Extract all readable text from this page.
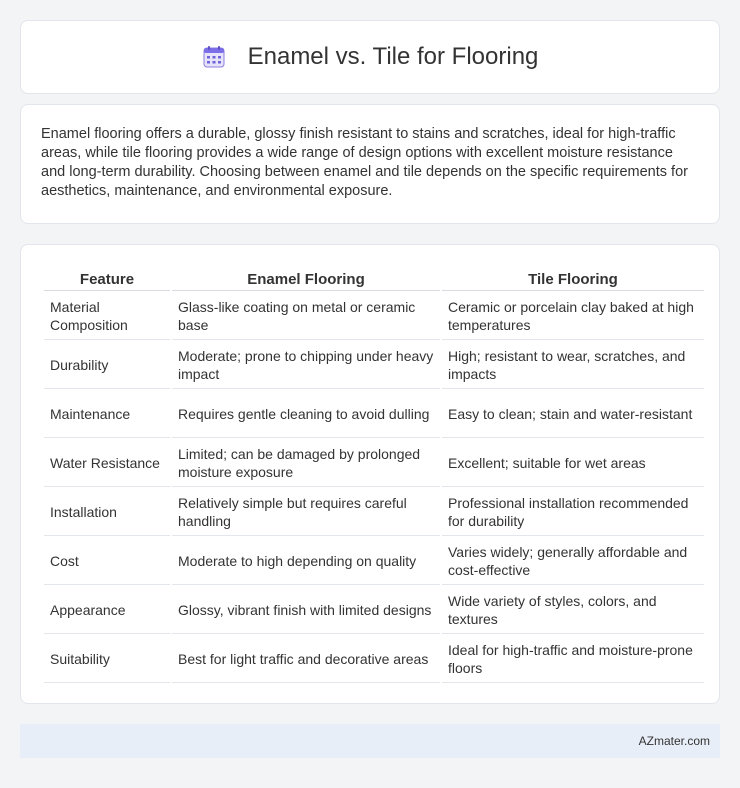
Enamel vs. Tile for Flooring

Enamel flooring offers a durable, glossy finish resistant to stains and scratches, ideal for high-traffic areas, while tile flooring provides a wide range of design options with excellent moisture resistance and long-term durability. Choosing between enamel and tile depends on the specific requirements for aesthetics, maintenance, and environmental exposure.

Feature	Enamel Flooring	Tile Flooring
Material Composition	Glass-like coating on metal or ceramic base	Ceramic or porcelain clay baked at high temperatures
Durability	Moderate; prone to chipping under heavy impact	High; resistant to wear, scratches, and impacts
Maintenance	Requires gentle cleaning to avoid dulling	Easy to clean; stain and water-resistant
Water Resistance	Limited; can be damaged by prolonged moisture exposure	Excellent; suitable for wet areas
Installation	Relatively simple but requires careful handling	Professional installation recommended for durability
Cost	Moderate to high depending on quality	Varies widely; generally affordable and cost-effective
Appearance	Glossy, vibrant finish with limited designs	Wide variety of styles, colors, and textures
Suitability	Best for light traffic and decorative areas	Ideal for high-traffic and moisture-prone floors
AZmater.com
